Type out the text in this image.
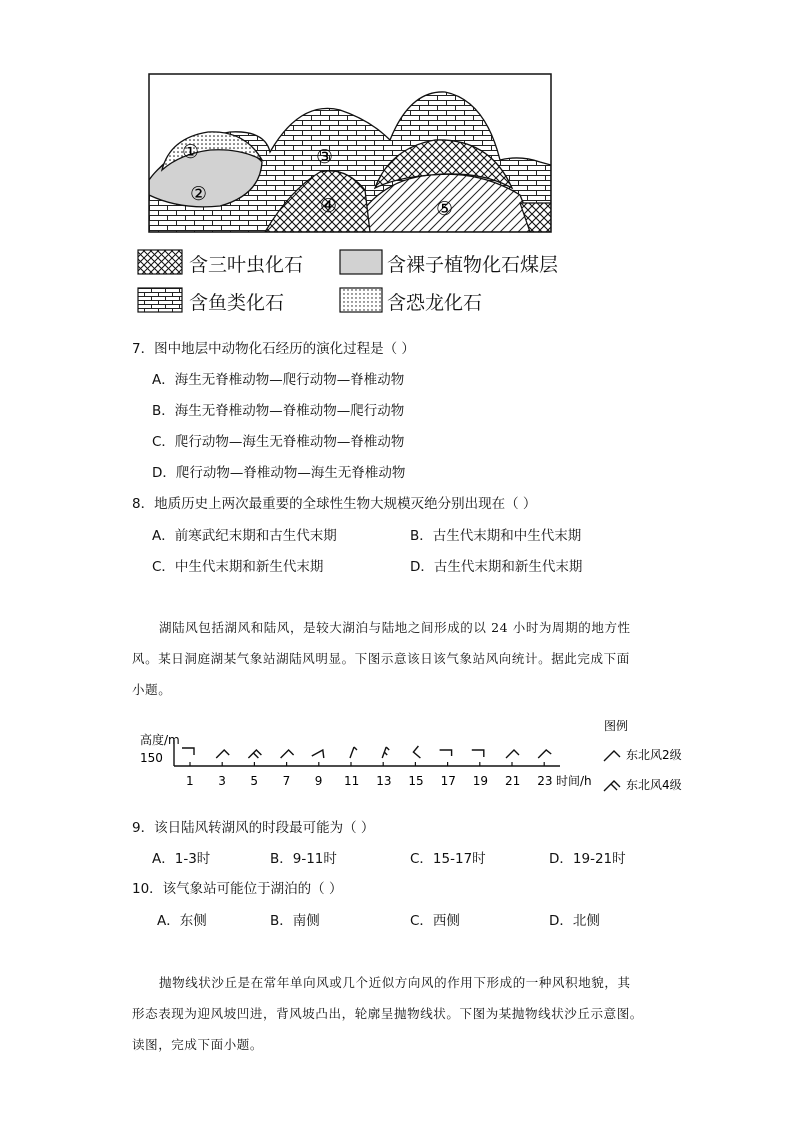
①
②
③
④	⑤
含三叶虫化石	含裸子植物化石煤层
含鱼类化石	含恐龙化石
7．图中地层中动物化石经历的演化过程是（ ）
A．海生无脊椎动物—爬行动物—脊椎动物
B．海生无脊椎动物—脊椎动物—爬行动物
C．爬行动物—海生无脊椎动物—脊椎动物
D．爬行动物—脊椎动物—海生无脊椎动物
8．地质历史上两次最重要的全球性生物大规模灭绝分别出现在（ ）
A．前寒武纪末期和古生代末期	B．古生代末期和中生代末期
C．中生代末期和新生代末期	D．古生代末期和新生代末期
湖陆风包括湖风和陆风，是较大湖泊与陆地之间形成的以 24 小时为周期的地方性
风。某日洞庭湖某气象站湖陆风明显。下图示意该日该气象站风向统计。据此完成下面
小题。
高度/m
150
1 3 5 7 9 11 13 15 17 19 21 23 时间/h
图例
东北风2级
东北风4级
9．该日陆风转湖风的时段最可能为（ ）
A．1-3时	B．9-11时	C．15-17时	D．19-21时
10．该气象站可能位于湖泊的（ ）
A．东侧	B．南侧	C．西侧	D．北侧
抛物线状沙丘是在常年单向风或几个近似方向风的作用下形成的一种风积地貌，其
形态表现为迎风坡凹进，背风坡凸出，轮廓呈抛物线状。下图为某抛物线状沙丘示意图。
读图，完成下面小题。
